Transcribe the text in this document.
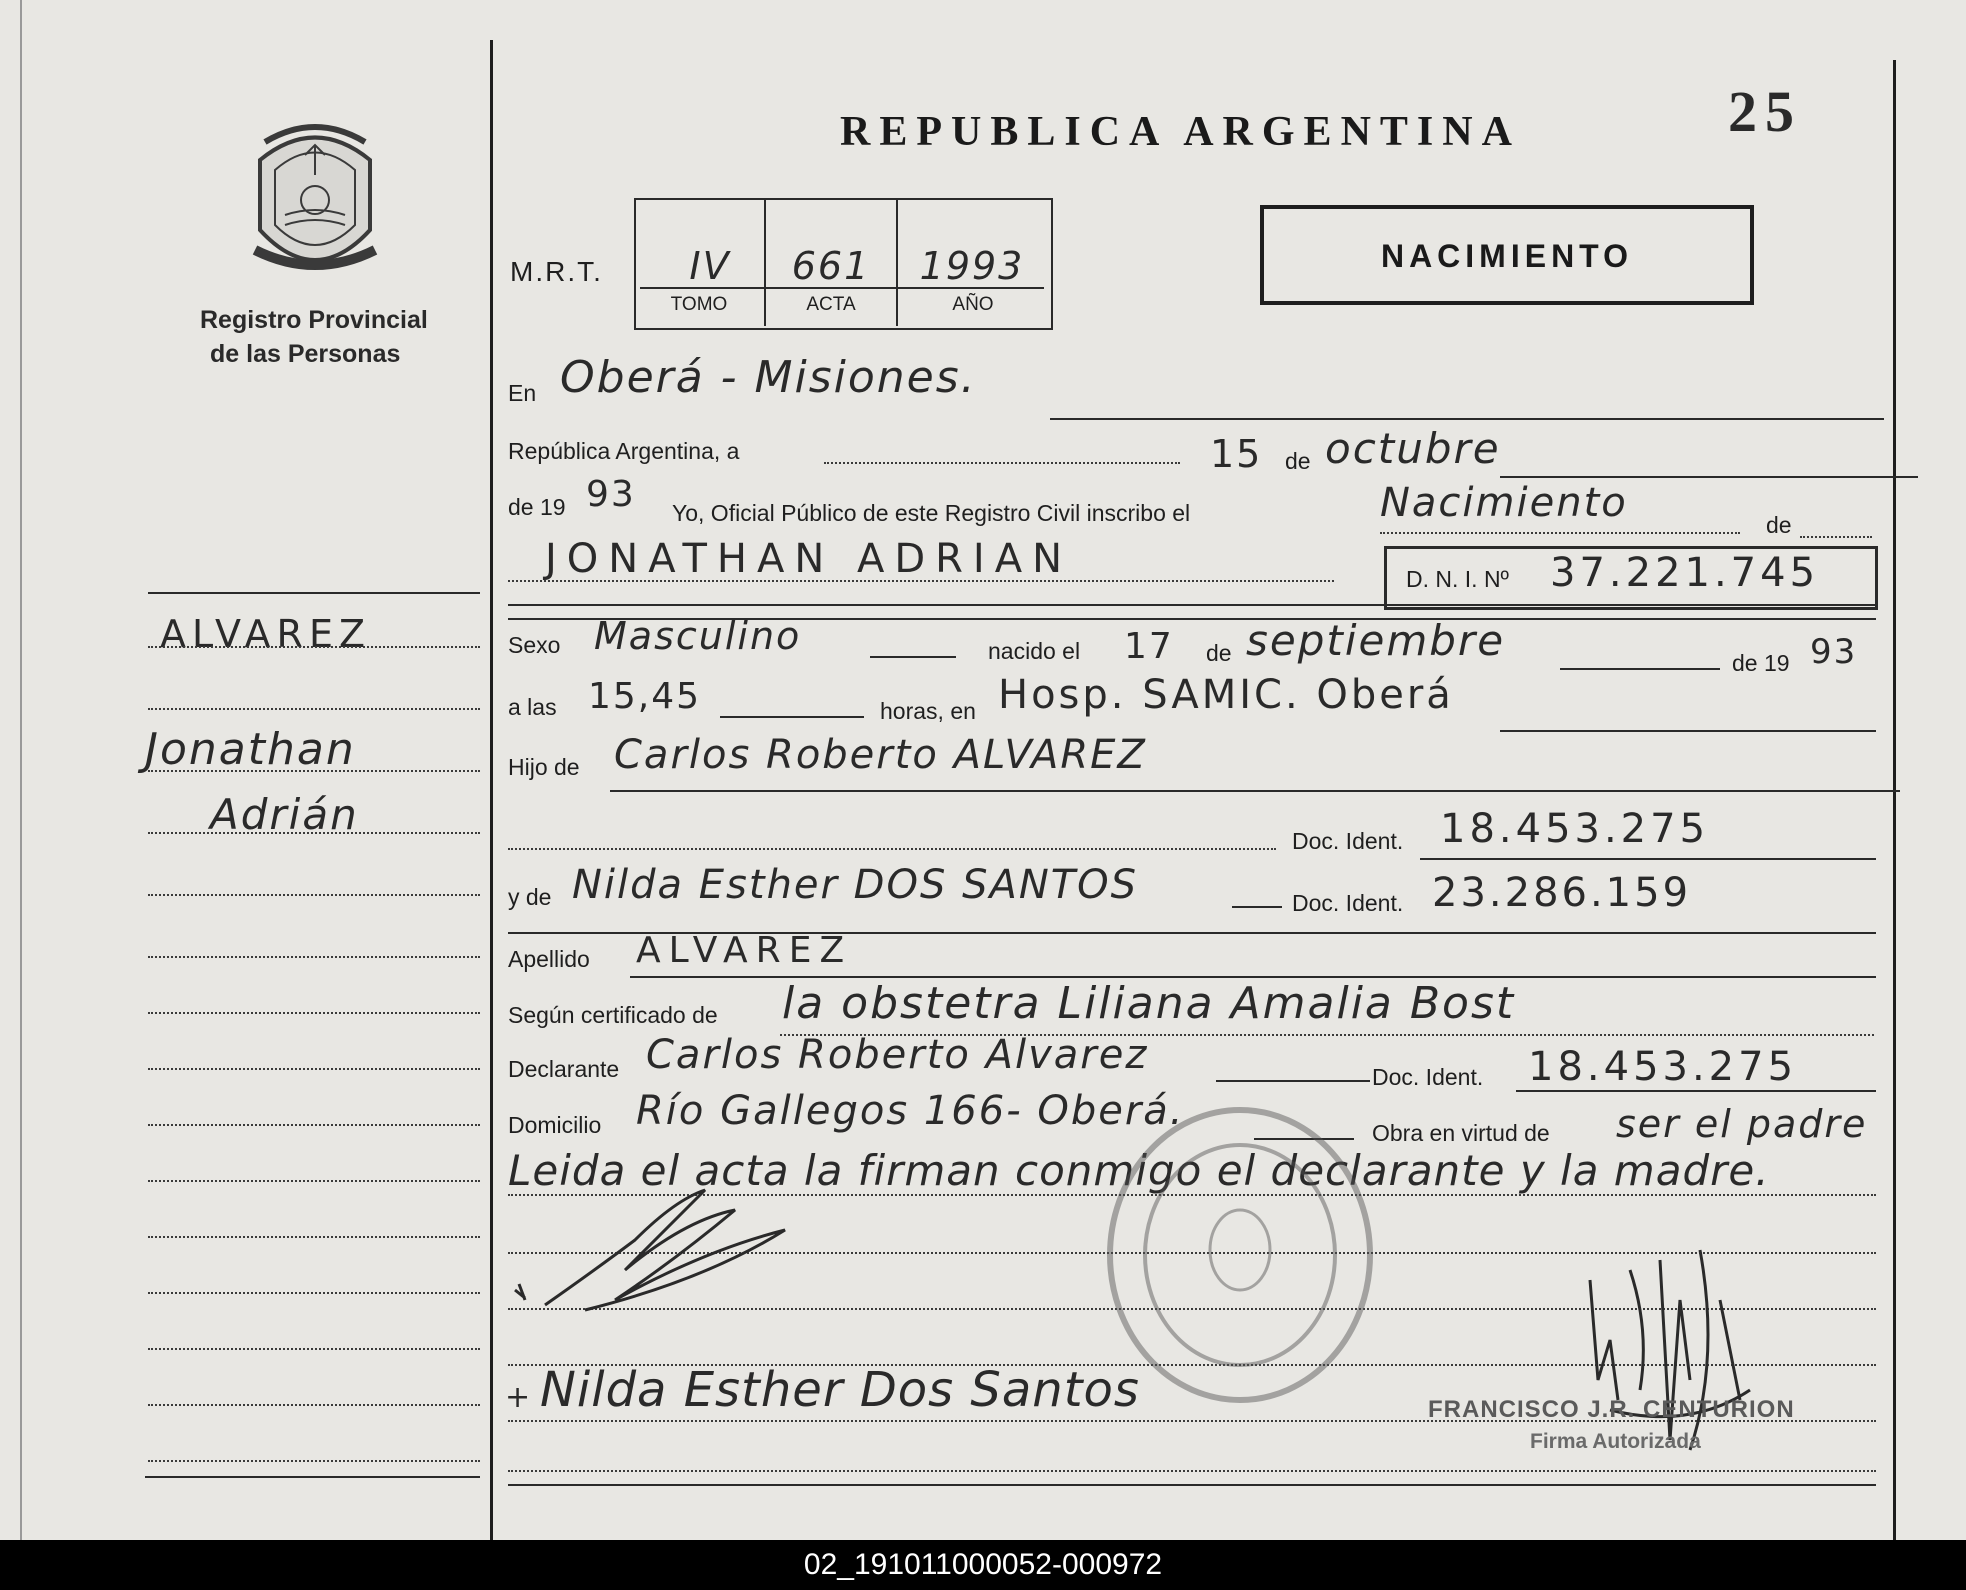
Registro Provincial
de las Personas
REPUBLICA ARGENTINA	25
NACIMIENTO
M.R.T.	IV	661	1993
TOMO	ACTA	AÑO
ALVAREZ
Jonathan
Adrián
En Oberá - Misiones.
República Argentina, a	15 de octubre
de 19 93 Yo, Oficial Público de este Registro Civil inscribo el	Nacimiento	de
JONATHAN ADRIAN	D. N. I. Nº 37.221.745
Sexo Masculino	nacido el 17 de septiembre	de 19 93
a las 15,45	horas, en Hosp. SAMIC. Oberá
Hijo de Carlos Roberto ALVAREZ
Doc. Ident. 18.453.275
y de Nilda Esther DOS SANTOS	Doc. Ident. 23.286.159
Apellido ALVAREZ
Según certificado de la obstetra Liliana Amalia Bost
Declarante Carlos Roberto Alvarez	Doc. Ident. 18.453.275
Domicilio Río Gallegos 166- Oberá.	Obra en virtud de ser el padre
Leida el acta la firman conmigo el declarante y la madre.
+ Nilda Esther Dos Santos	FRANCISCO J.R. CENTURION
Firma Autorizada
02_191011000052-000972
